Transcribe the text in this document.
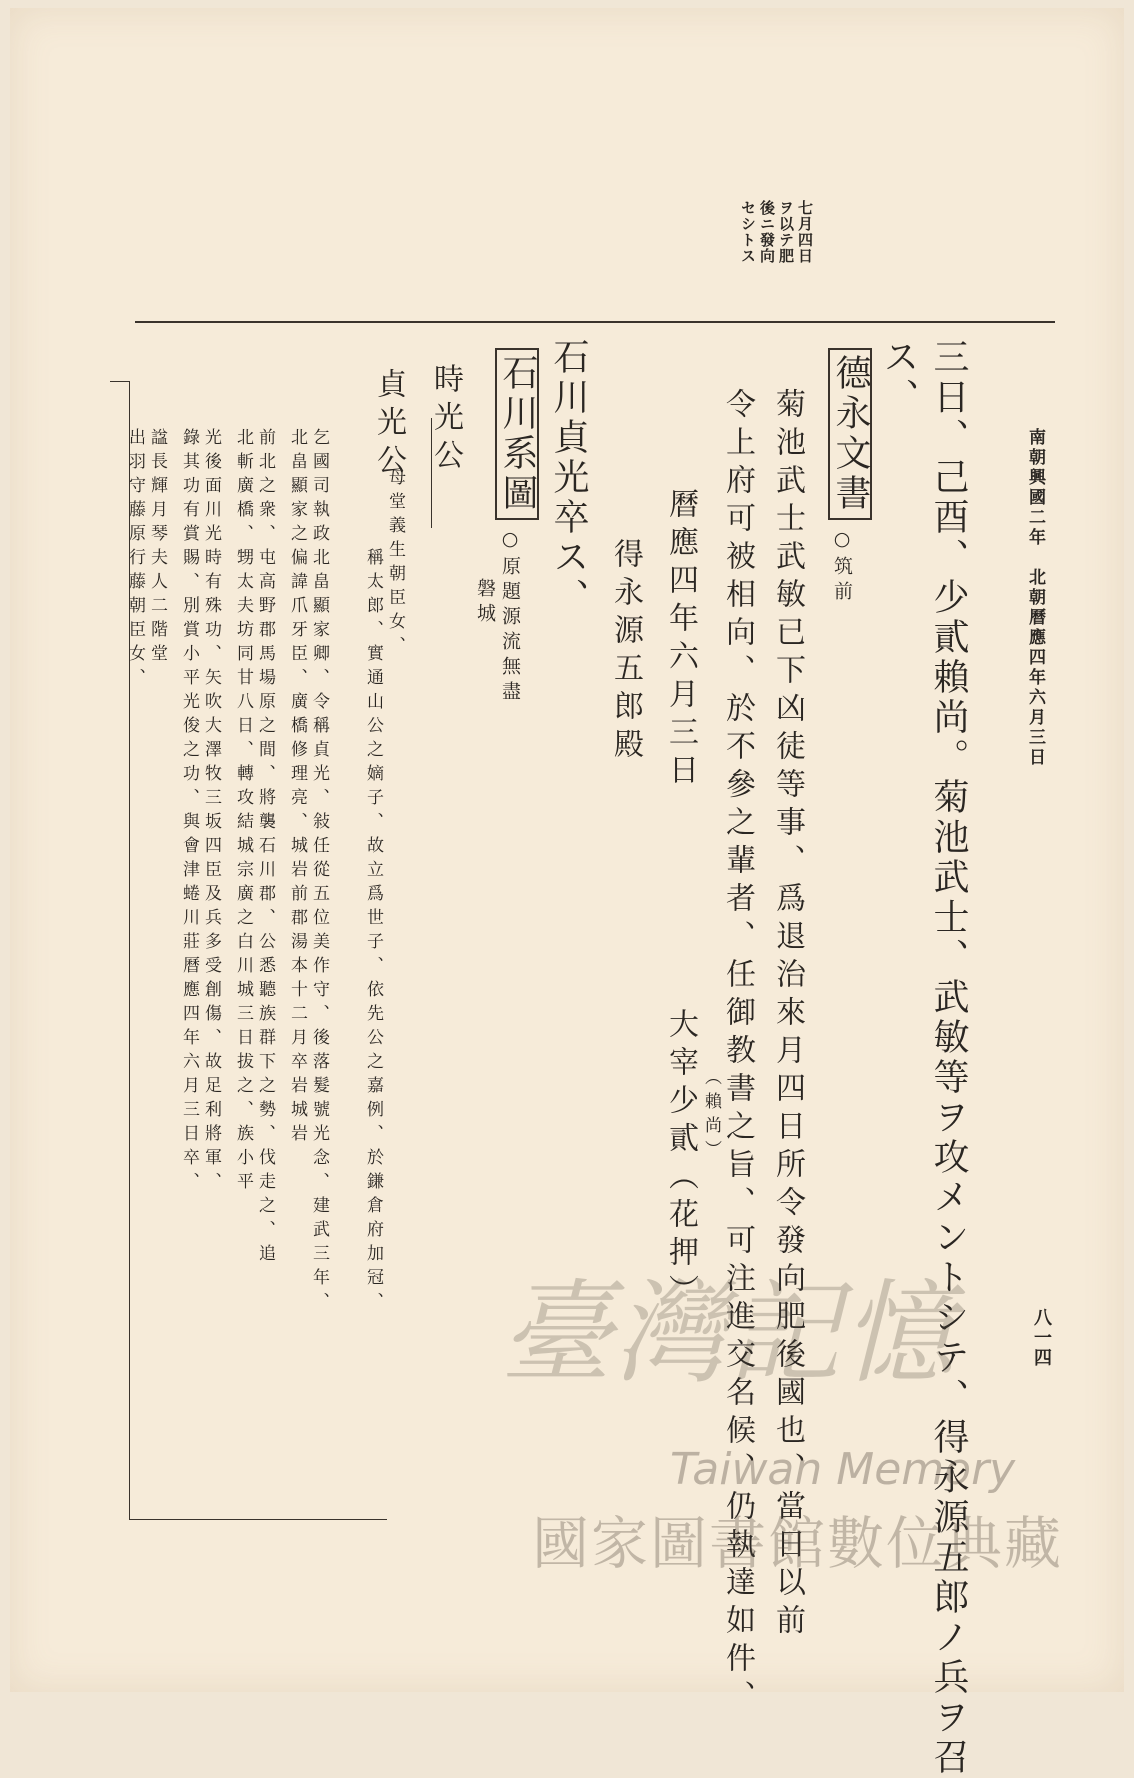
南朝興國二年　北朝曆應四年六月三日
八一四
七月四日
ヲ以テ肥
後ニ發向
セシトス
三日、己酉、少貳賴尚。菊池武士、武敏等ヲ攻メントシテ、得永源五郎ノ兵ヲ召
ス、
德永文書
○筑前
菊池武士武敏已下凶徒等事、爲退治來月四日所令發向肥後國也、當日以前
令上府可被相向、於不參之輩者、任御教書之旨、可注進交名候、仍執達如件、
曆應四年六月三日
（賴尚）
大宰少貳（花押）
得永源五郎殿
石川貞光卒ス、
石川系圖
○原題源流無盡
磐城
時光公
貞光公
母堂義生朝臣女、
稱太郎、實通山公之嫡子、故立爲世子、依先公之嘉例、於鎌倉府加冠、
乞國司執政北畠顯家卿、令稱貞光、敍任從五位美作守、後落髮號光念、建武三年、
北畠顯家之偏諱爪牙臣、廣橋修理亮、城岩前郡湯本十二月卒岩城岩
前北之衆、屯高野郡馬場原之間、將襲石川郡、公悉聽族群下之勢、伐走之、追
北斬廣橋、甥太夫坊同甘八日、轉攻結城宗廣之白川城三日拔之、族小平
光後面川光時有殊功、矢吹大澤牧三坂四臣及兵多受創傷、故足利將軍、
錄其功有賞賜、別賞小平光俊之功、與會津蜷川莊曆應四年六月三日卒、
諡長輝月琴夫人二階堂
出羽守藤原行藤朝臣女、
臺灣記憶
Taiwan Memory
國家圖書館數位典藏
